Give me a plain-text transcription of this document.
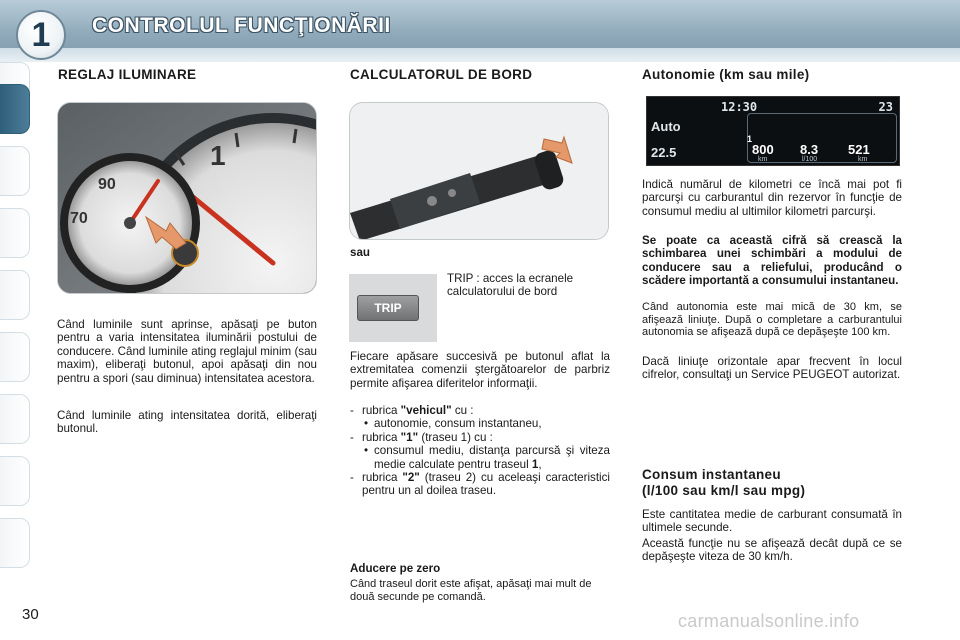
1	CONTROLUL FUNCŢIONĂRII
REGLAJ ILUMINARE
1
90
70
Când luminile sunt aprinse, apăsaţi pe buton pentru a varia intensitatea iluminării postului de conducere. Când luminile ating reglajul minim (sau maxim), eliberaţi butonul, apoi apăsaţi din nou pentru a spori (sau diminua) intensitatea acestora.
Când luminile ating intensitatea dorită, eliberaţi butonul.
CALCULATORUL DE BORD
sau
TRIP
TRIP : acces la ecranele calculatorului de bord
Fiecare apăsare succesivă pe butonul aflat la extremitatea comenzii ştergătoarelor de parbriz permite afişarea diferitelor informaţii.
- rubrica "vehicul" cu :
• autonomie, consum instantaneu,
- rubrica "1" (traseu 1) cu :
• consumul mediu, distanţa parcursă şi viteza medie calculate pentru traseul 1,
- rubrica "2" (traseu 2) cu aceleaşi caracteristici pentru un al doilea traseu.
Aducere pe zero
Când traseul dorit este afişat, apăsaţi mai mult de două secunde pe comandă.
Autonomie (km sau mile)
12:30	23
Auto
22.5	800
km
8.3
l/100
521
km
1
Indică numărul de kilometri ce încă mai pot fi parcurşi cu carburantul din rezervor în funcţie de consumul mediu al ultimilor kilometri parcurşi.
Se poate ca această cifră să crească la schimbarea unei schimbări a modului de conducere sau a reliefului, producând o scădere importantă a consumului instantaneu.
Când autonomia este mai mică de 30 km, se afişează liniuţe. După o completare a carburantului autonomia se afişează după ce depăşeşte 100 km.
Dacă liniuţe orizontale apar frecvent în locul cifrelor, consultaţi un Service PEUGEOT autorizat.
Consum instantaneu
(l/100 sau km/l sau mpg)
Este cantitatea medie de carburant consumată în ultimele secunde.
Această funcţie nu se afişează decât după ce se depăşeşte viteza de 30 km/h.
30	carmanualsonline.info
